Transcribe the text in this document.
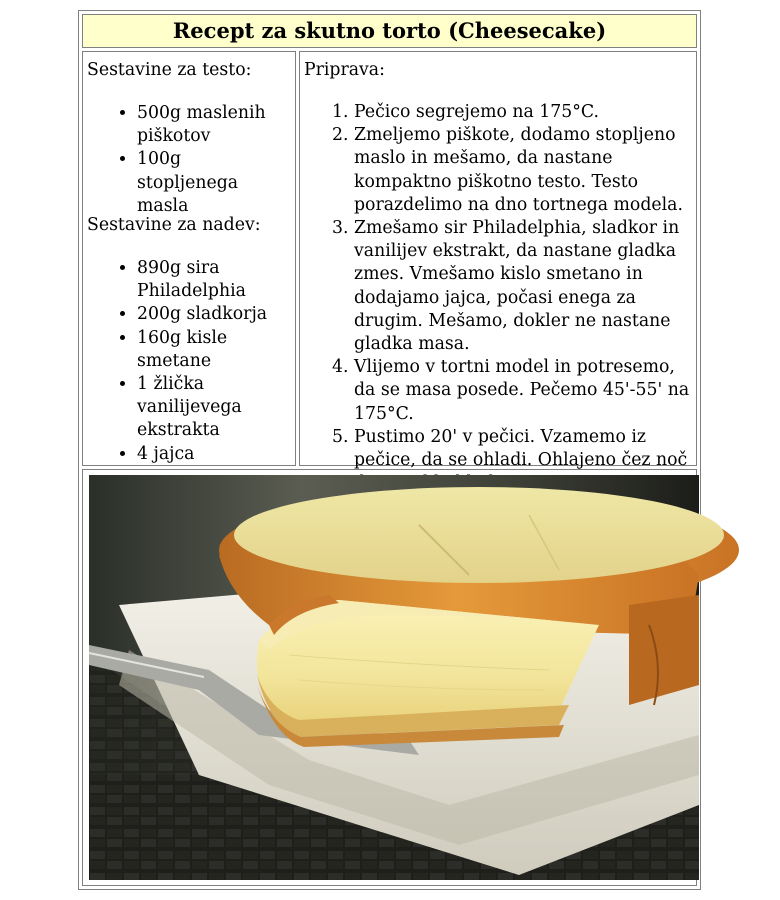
Recept za skutno torto (Cheesecake)

Sestavine za testo:

• 500g maslenih piškotov
• 100g stopljenega masla

Sestavine za nadev:

• 890g sira Philadelphia
• 200g sladkorja
• 160g kisle smetane
• 1 žlička vanilijevega ekstrakta
• 4 jajca

Priprava:

1. Pečico segrejemo na 175°C.
2. Zmeljemo piškote, dodamo stopljeno maslo in mešamo, da nastane kompaktno piškotno testo. Testo porazdelimo na dno tortnega modela.
3. Zmešamo sir Philadelphia, sladkor in vanilijev ekstrakt, da nastane gladka zmes. Vmešamo kislo smetano in dodajamo jajca, počasi enega za drugim. Mešamo, dokler ne nastane gladka masa.
4. Vlijemo v tortni model in potresemo, da se masa posede. Pečemo 45'-55' na 175°C.
5. Pustimo 20' v pečici. Vzamemo iz pečice, da se ohladi. Ohlajeno čez noč
